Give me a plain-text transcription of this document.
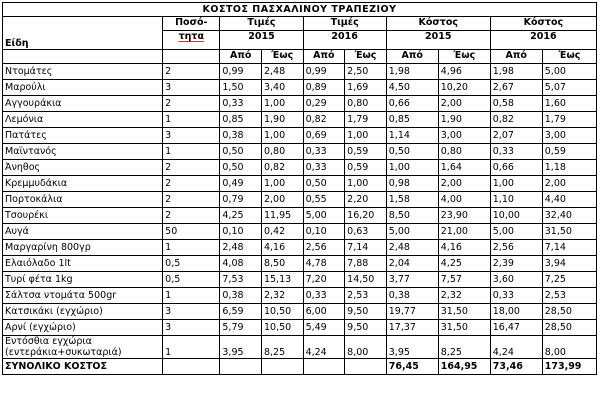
ΚΟΣΤΟΣ ΠΑΣΧΑΛΙΝΟΥ ΤΡΑΠΕΖΙΟΥ									
Είδη	Ποσό-	Τιμές		Τιμές		Κόστος		Κόστος	
	τητα	2015		2016		2015		2016	
		Από	Έως	Από	Έως	Από	Έως	Από	Έως
Ντομάτες	2	0,99	2,48	0,99	2,50	1,98	4,96	1,98	5,00
Μαρούλι	3	1,50	3,40	0,89	1,69	4,50	10,20	2,67	5,07
Αγγουράκια	2	0,33	1,00	0,29	0,80	0,66	2,00	0,58	1,60
Λεμόνια	1	0,85	1,90	0,82	1,79	0,85	1,90	0,82	1,79
Πατάτες	3	0,38	1,00	0,69	1,00	1,14	3,00	2,07	3,00
Μαϊντανός	1	0,50	0,80	0,33	0,59	0,50	0,80	0,33	0,59
Άνηθος	2	0,50	0,82	0,33	0,59	1,00	1,64	0,66	1,18
Κρεμμυδάκια	2	0,49	1,00	0,50	1,00	0,98	2,00	1,00	2,00
Πορτοκάλια	2	0,79	2,00	0,55	2,20	1,58	4,00	1,10	4,40
Τσουρέκι	2	4,25	11,95	5,00	16,20	8,50	23,90	10,00	32,40
Αυγά	50	0,10	0,42	0,10	0,63	5,00	21,00	5,00	31,50
Μαργαρίνη 800γρ	1	2,48	4,16	2,56	7,14	2,48	4,16	2,56	7,14
Ελαιόλαδο 1lt	0,5	4,08	8,50	4,78	7,88	2,04	4,25	2,39	3,94
Τυρί φέτα 1kg	0,5	7,53	15,13	7,20	14,50	3,77	7,57	3,60	7,25
Σάλτσα ντομάτα 500gr	1	0,38	2,32	0,33	2,53	0,38	2,32	0,33	2,53
Κατσικάκι (εγχώριο)	3	6,59	10,50	6,00	9,50	19,77	31,50	18,00	28,50
Αρνί (εγχώριο)	3	5,79	10,50	5,49	9,50	17,37	31,50	16,47	28,50

Εντόσθια εγχώρια
(εντεράκια+συκωταριά)	1	3,95	8,25	4,24	8,00	3,95	8,25	4,24	8,00
ΣΥΝΟΛΙΚΟ ΚΟΣΤΟΣ						76,45	164,95	73,46	173,99
